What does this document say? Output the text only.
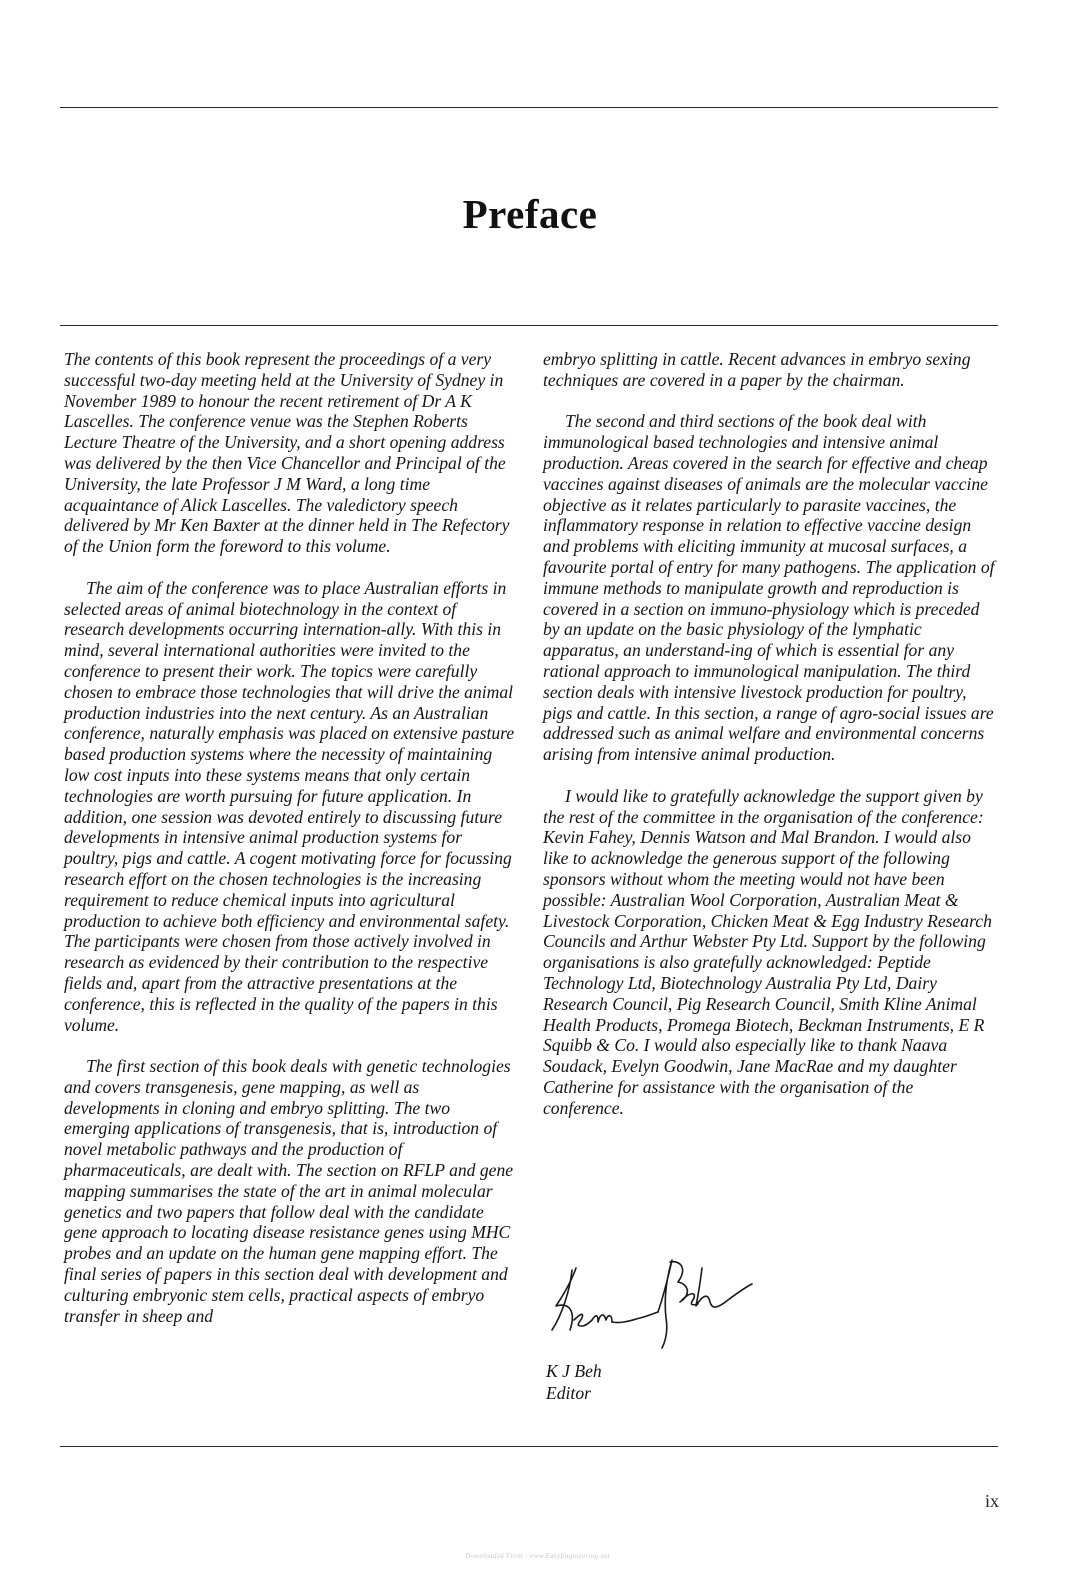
Preface

The contents of this book represent the proceedings of a very successful two-day meeting held at the University of Sydney in November 1989 to honour the recent retirement of Dr A K Lascelles. The conference venue was the Stephen Roberts Lecture Theatre of the University, and a short opening address was delivered by the then Vice Chancellor and Principal of the University, the late Professor J M Ward, a long time acquaintance of Alick Lascelles. The valedictory speech delivered by Mr Ken Baxter at the dinner held in The Refectory of the Union form the foreword to this volume.

The aim of the conference was to place Australian efforts in selected areas of animal biotechnology in the context of research developments occurring internation-ally. With this in mind, several international authorities were invited to the conference to present their work. The topics were carefully chosen to embrace those technologies that will drive the animal production industries into the next century. As an Australian conference, naturally emphasis was placed on extensive pasture based production systems where the necessity of maintaining low cost inputs into these systems means that only certain technologies are worth pursuing for future application. In addition, one session was devoted entirely to discussing future developments in intensive animal production systems for poultry, pigs and cattle. A cogent motivating force for focussing research effort on the chosen technologies is the increasing requirement to reduce chemical inputs into agricultural production to achieve both efficiency and environmental safety. The participants were chosen from those actively involved in research as evidenced by their contribution to the respective fields and, apart from the attractive presentations at the conference, this is reflected in the quality of the papers in this volume.

The first section of this book deals with genetic technologies and covers transgenesis, gene mapping, as well as developments in cloning and embryo splitting. The two emerging applications of transgenesis, that is, introduction of novel metabolic pathways and the production of pharmaceuticals, are dealt with. The section on RFLP and gene mapping summarises the state of the art in animal molecular genetics and two papers that follow deal with the candidate gene approach to locating disease resistance genes using MHC probes and an update on the human gene mapping effort. The final series of papers in this section deal with development and culturing embryonic stem cells, practical aspects of embryo transfer in sheep and

embryo splitting in cattle. Recent advances in embryo sexing techniques are covered in a paper by the chairman.

The second and third sections of the book deal with immunological based technologies and intensive animal production. Areas covered in the search for effective and cheap vaccines against diseases of animals are the molecular vaccine objective as it relates particularly to parasite vaccines, the inflammatory response in relation to effective vaccine design and problems with eliciting immunity at mucosal surfaces, a favourite portal of entry for many pathogens. The application of immune methods to manipulate growth and reproduction is covered in a section on immuno-physiology which is preceded by an update on the basic physiology of the lymphatic apparatus, an understand-ing of which is essential for any rational approach to immunological manipulation. The third section deals with intensive livestock production for poultry, pigs and cattle. In this section, a range of agro-social issues are addressed such as animal welfare and environmental concerns arising from intensive animal production.

I would like to gratefully acknowledge the support given by the rest of the committee in the organisation of the conference: Kevin Fahey, Dennis Watson and Mal Brandon. I would also like to acknowledge the generous support of the following sponsors without whom the meeting would not have been possible: Australian Wool Corporation, Australian Meat & Livestock Corporation, Chicken Meat & Egg Industry Research Councils and Arthur Webster Pty Ltd. Support by the following organisations is also gratefully acknowledged: Peptide Technology Ltd, Biotechnology Australia Pty Ltd, Dairy Research Council, Pig Research Council, Smith Kline Animal Health Products, Promega Biotech, Beckman Instruments, E R Squibb & Co. I would also especially like to thank Naava Soudack, Evelyn Goodwin, Jane MacRae and my daughter Catherine for assistance with the organisation of the conference.

K J Beh
Editor
ix
Downloaded From : www.EasyEngineering.net
